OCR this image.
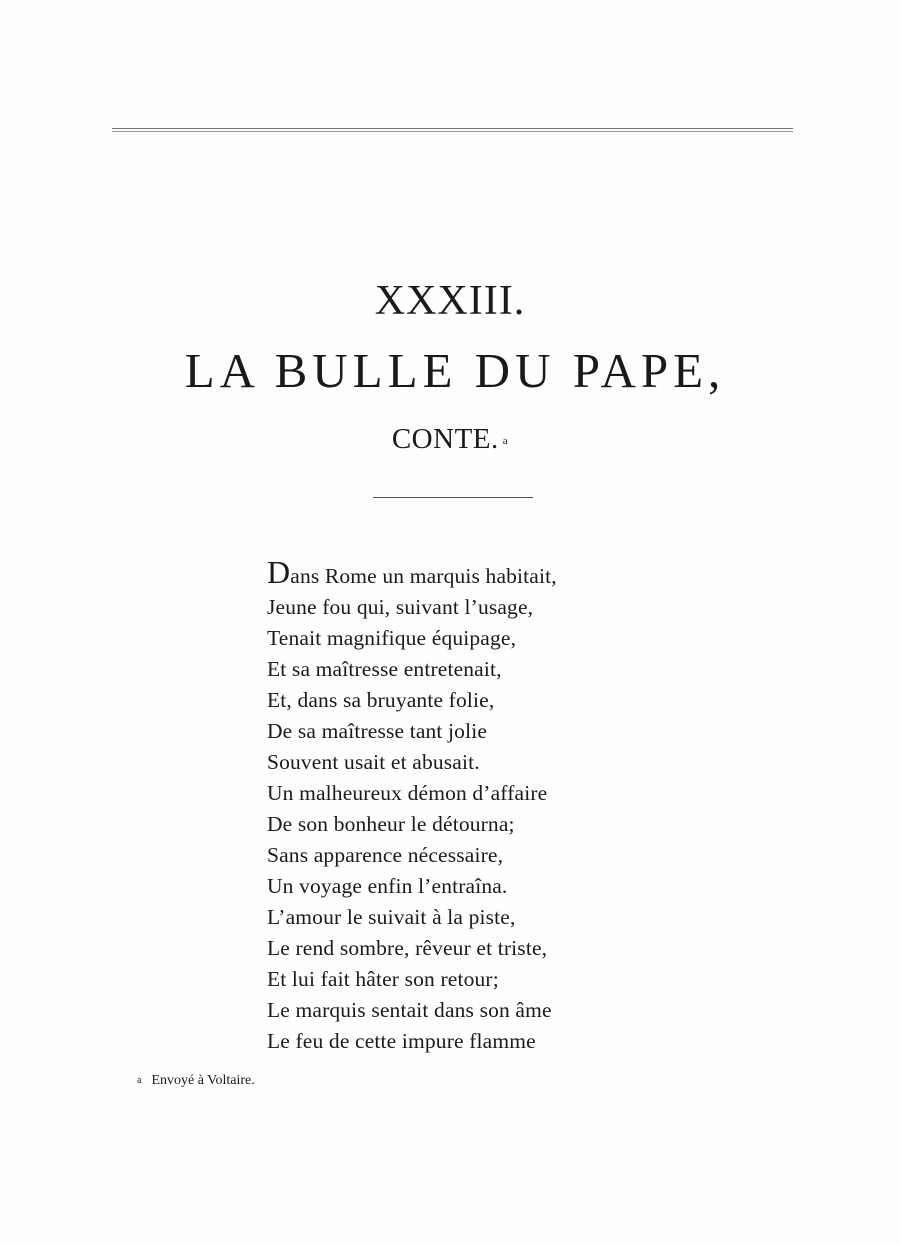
XXXIII.
LA BULLE DU PAPE,
CONTE. $^a$
Dans Rome un marquis habitait,
Jeune fou qui, suivant l’usage,
Tenait magnifique équipage,
Et sa maîtresse entretenait,
Et, dans sa bruyante folie,
De sa maîtresse tant jolie
Souvent usait et abusait.
Un malheureux démon d’affaire
De son bonheur le détourna;
Sans apparence nécessaire,
Un voyage enfin l’entraîna.
L’amour le suivait à la piste,
Le rend sombre, rêveur et triste,
Et lui fait hâter son retour;
Le marquis sentait dans son âme
Le feu de cette impure flamme
a Envoyé à Voltaire.
